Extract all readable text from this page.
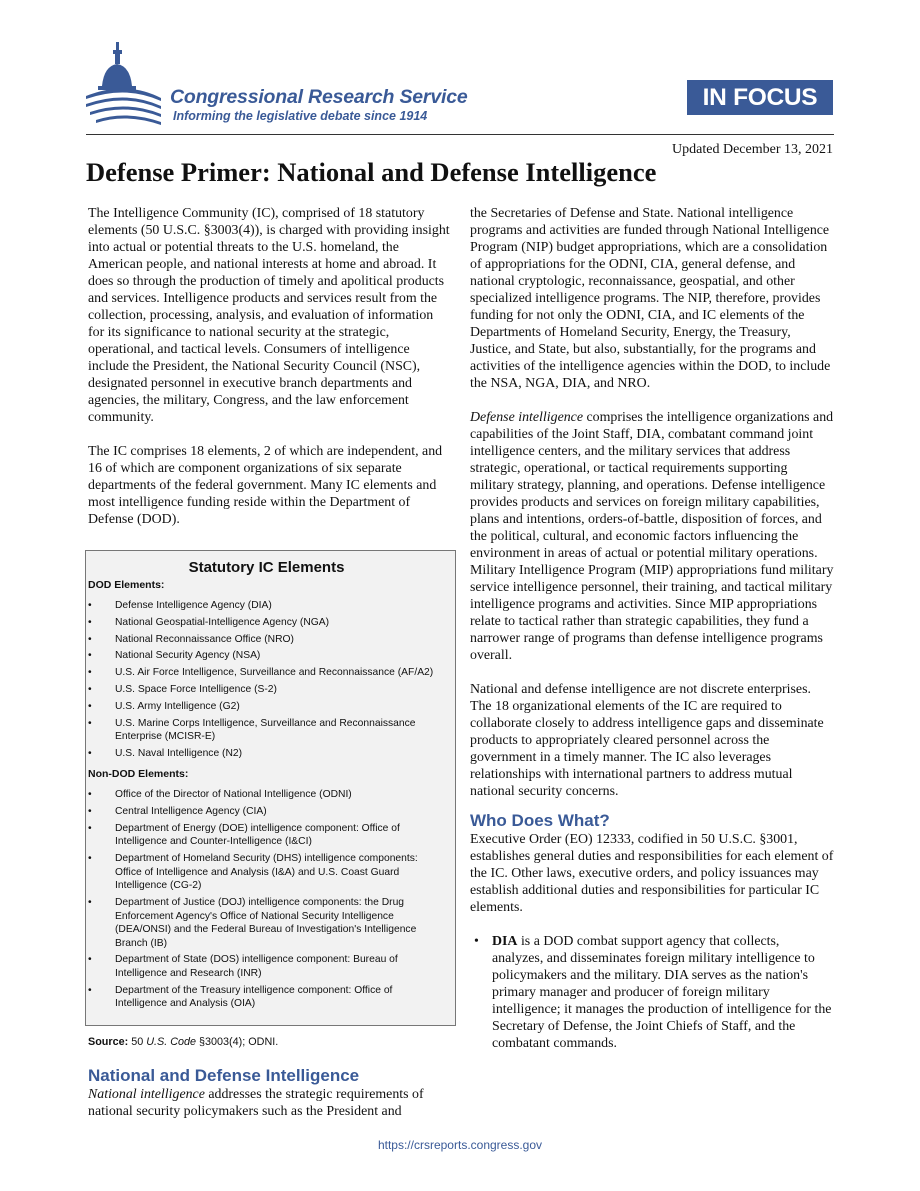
Congressional Research Service
Informing the legislative debate since 1914
IN FOCUS
Updated December 13, 2021
Defense Primer: National and Defense Intelligence

The Intelligence Community (IC), comprised of 18 statutory elements (50 U.S.C. §3003(4)), is charged with providing insight into actual or potential threats to the U.S. homeland, the American people, and national interests at home and abroad. It does so through the production of timely and apolitical products and services. Intelligence products and services result from the collection, processing, analysis, and evaluation of information for its significance to national security at the strategic, operational, and tactical levels. Consumers of intelligence include the President, the National Security Council (NSC), designated personnel in executive branch departments and agencies, the military, Congress, and the law enforcement community.

The IC comprises 18 elements, 2 of which are independent, and 16 of which are component organizations of six separate departments of the federal government. Many IC elements and most intelligence funding reside within the Department of Defense (DOD).

Statutory IC Elements
DOD Elements:
• Defense Intelligence Agency (DIA)
• National Geospatial-Intelligence Agency (NGA)
• National Reconnaissance Office (NRO)
• National Security Agency (NSA)
• U.S. Air Force Intelligence, Surveillance and Reconnaissance (AF/A2)
• U.S. Space Force Intelligence (S-2)
• U.S. Army Intelligence (G2)
• U.S. Marine Corps Intelligence, Surveillance and Reconnaissance Enterprise (MCISR-E)
• U.S. Naval Intelligence (N2)
Non-DOD Elements:
• Office of the Director of National Intelligence (ODNI)
• Central Intelligence Agency (CIA)
• Department of Energy (DOE) intelligence component: Office of Intelligence and Counter-Intelligence (I&CI)
• Department of Homeland Security (DHS) intelligence components: Office of Intelligence and Analysis (I&A) and U.S. Coast Guard Intelligence (CG-2)
• Department of Justice (DOJ) intelligence components: the Drug Enforcement Agency's Office of National Security Intelligence (DEA/ONSI) and the Federal Bureau of Investigation's Intelligence Branch (IB)
• Department of State (DOS) intelligence component: Bureau of Intelligence and Research (INR)
• Department of the Treasury intelligence component: Office of Intelligence and Analysis (OIA)
Source: 50 U.S. Code §3003(4); ODNI.
National and Defense Intelligence

National intelligence addresses the strategic requirements of national security policymakers such as the President and

the Secretaries of Defense and State. National intelligence programs and activities are funded through National Intelligence Program (NIP) budget appropriations, which are a consolidation of appropriations for the ODNI, CIA, general defense, and national cryptologic, reconnaissance, geospatial, and other specialized intelligence programs. The NIP, therefore, provides funding for not only the ODNI, CIA, and IC elements of the Departments of Homeland Security, Energy, the Treasury, Justice, and State, but also, substantially, for the programs and activities of the intelligence agencies within the DOD, to include the NSA, NGA, DIA, and NRO.

Defense intelligence comprises the intelligence organizations and capabilities of the Joint Staff, DIA, combatant command joint intelligence centers, and the military services that address strategic, operational, or tactical requirements supporting military strategy, planning, and operations. Defense intelligence provides products and services on foreign military capabilities, plans and intentions, orders-of-battle, disposition of forces, and the political, cultural, and economic factors influencing the environment in areas of actual or potential military operations. Military Intelligence Program (MIP) appropriations fund military service intelligence personnel, their training, and tactical military intelligence programs and activities. Since MIP appropriations relate to tactical rather than strategic capabilities, they fund a narrower range of programs than defense intelligence programs overall.

National and defense intelligence are not discrete enterprises. The 18 organizational elements of the IC are required to collaborate closely to address intelligence gaps and disseminate products to appropriately cleared personnel across the government in a timely manner. The IC also leverages relationships with international partners to address mutual national security concerns.

Who Does What?

Executive Order (EO) 12333, codified in 50 U.S.C. §3001, establishes general duties and responsibilities for each element of the IC. Other laws, executive orders, and policy issuances may establish additional duties and responsibilities for particular IC elements.

• DIA is a DOD combat support agency that collects, analyzes, and disseminates foreign military intelligence to policymakers and the military. DIA serves as the nation's primary manager and producer of foreign military intelligence; it manages the production of intelligence for the Secretary of Defense, the Joint Chiefs of Staff, and the combatant commands.
https://crsreports.congress.gov
